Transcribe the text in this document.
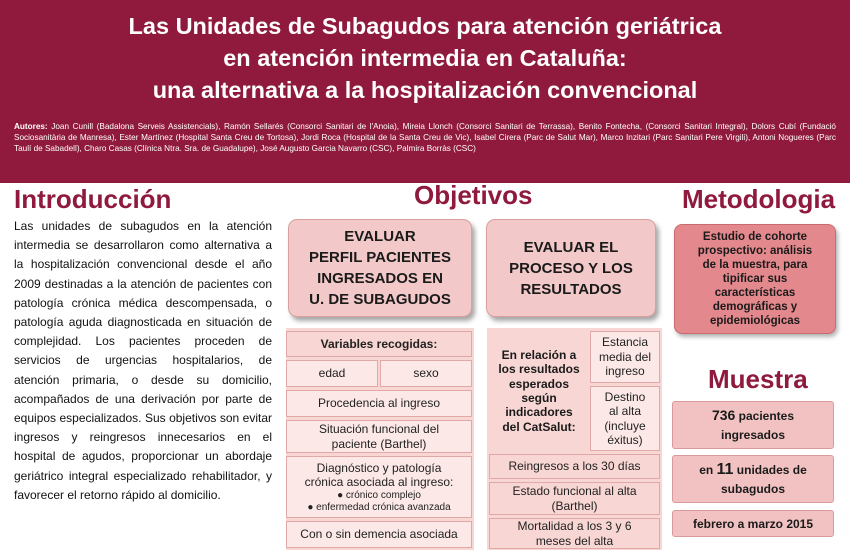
Las Unidades de Subagudos para atención geriátrica
en atención intermedia en Cataluña:
una alternativa a la hospitalización convencional
Autores: Joan Cunill (Badalona Serveis Assistencials), Ramón Sellarés (Consorci Sanitari de l'Anoia), Mireia Llonch (Consorci Sanitari de Terrassa), Benito Fontecha, (Consorci Sanitari Integral), Dolors Cubí (Fundació Sociosanitària de Manresa), Ester Martínez (Hospital Santa Creu de Tortosa), Jordi Roca (Hospital de la Santa Creu de Vic), Isabel Cirera (Parc de Salut Mar), Marco Inzitari (Parc Sanitari Pere Virgili), Antoni Nogueres (Parc Taulí de Sabadell), Charo Casas (Clínica Ntra. Sra. de Guadalupe), José Augusto Garcia Navarro (CSC), Palmira Borràs (CSC)
Introducción
Las unidades de subagudos en la atención intermedia se desarrollaron como alternativa a la hospitalización convencional desde el año 2009 destinadas a la atención de pacientes con patología crónica médica descompensada, o patología aguda diagnosticada en situación de complejidad. Los pacientes proceden de servicios de urgencias hospitalarios, de atención primaria, o desde su domicilio, acompañados de una derivación por parte de equipos especializados. Sus objetivos son evitar ingresos y reingresos innecesarios en el hospital de agudos, proporcionar un abordaje geriátrico integral especializado rehabilitador, y favorecer el retorno rápido al domicilio.
Objetivos
EVALUAR
PERFIL PACIENTES
INGRESADOS EN
U. DE SUBAGUDOS
EVALUAR EL
PROCESO Y LOS
RESULTADOS
Variables recogidas:
edad	sexo
Procedencia al ingreso
Situación funcional del
paciente (Barthel)
Diagnóstico y patología
crónica asociada al ingreso:
● crónico complejo
● enfermedad crónica avanzada
Con o sin demencia asociada
En relación a
los resultados
esperados
según
indicadores
del CatSalut:
Estancia
media del
ingreso
Destino
al alta
(incluye
éxitus)
Reingresos a los 30 días
Estado funcional al alta
(Barthel)
Mortalidad a los 3 y 6
meses del alta
Metodologia
Estudio de cohorte
prospectivo: análisis
de la muestra, para
tipificar sus
características
demográficas y
epidemiológicas
Muestra
736 pacientes
ingresados
en 11 unidades de
subagudos
febrero a marzo 2015
